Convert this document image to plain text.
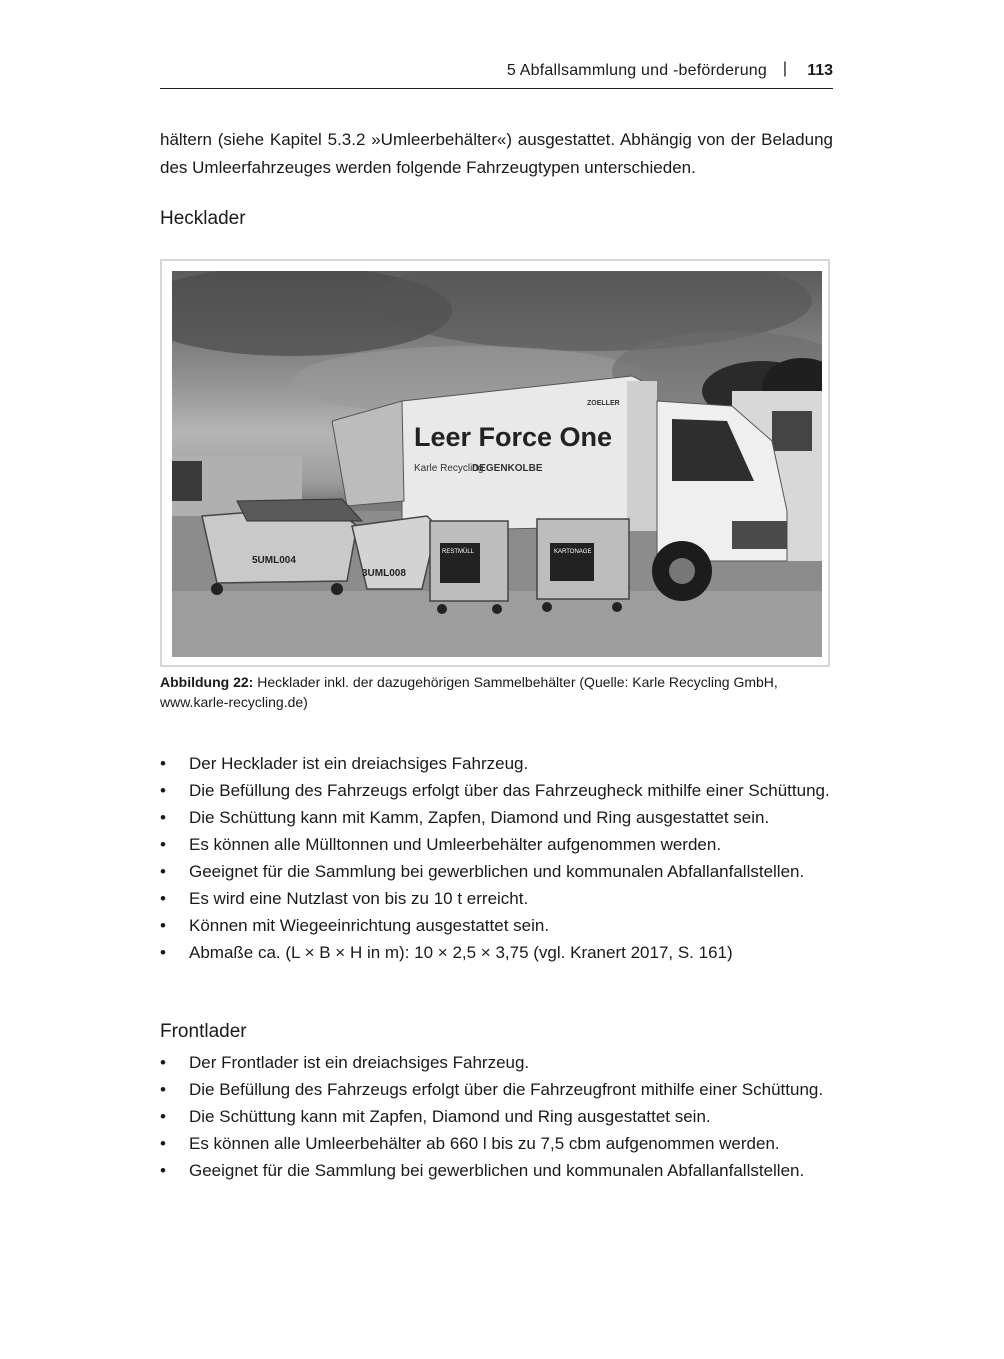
5 Abfallsammlung und -beförderung | 113

hältern (siehe Kapitel 5.3.2 »Umleerbehälter«) ausgestattet. Abhängig von der Beladung des Umleerfahrzeuges werden folgende Fahrzeugtypen unterschieden.

Hecklader
Leer Force One
Karle Recycling
DEGENKOLBE
ZOELLER
5UML004
3UML008
RESTMÜLL	KARTONAGE

Abbildung 22: Hecklader inkl. der dazugehörigen Sammelbehälter (Quelle: Karle Recycling GmbH, www.karle-recycling.de)

• Der Hecklader ist ein dreiachsiges Fahrzeug.
• Die Befüllung des Fahrzeugs erfolgt über das Fahrzeugheck mithilfe einer Schüttung.
• Die Schüttung kann mit Kamm, Zapfen, Diamond und Ring ausgestattet sein.
• Es können alle Mülltonnen und Umleerbehälter aufgenommen werden.
• Geeignet für die Sammlung bei gewerblichen und kommunalen Abfallanfallstellen.
• Es wird eine Nutzlast von bis zu 10 t erreicht.
• Können mit Wiegeeinrichtung ausgestattet sein.
• Abmaße ca. (L × B × H in m): 10 × 2,5 × 3,75 (vgl. Kranert 2017, S. 161)
Frontlader
• Der Frontlader ist ein dreiachsiges Fahrzeug.
• Die Befüllung des Fahrzeugs erfolgt über die Fahrzeugfront mithilfe einer Schüttung.
• Die Schüttung kann mit Zapfen, Diamond und Ring ausgestattet sein.
• Es können alle Umleerbehälter ab 660 l bis zu 7,5 cbm aufgenommen werden.
• Geeignet für die Sammlung bei gewerblichen und kommunalen Abfallanfallstellen.
